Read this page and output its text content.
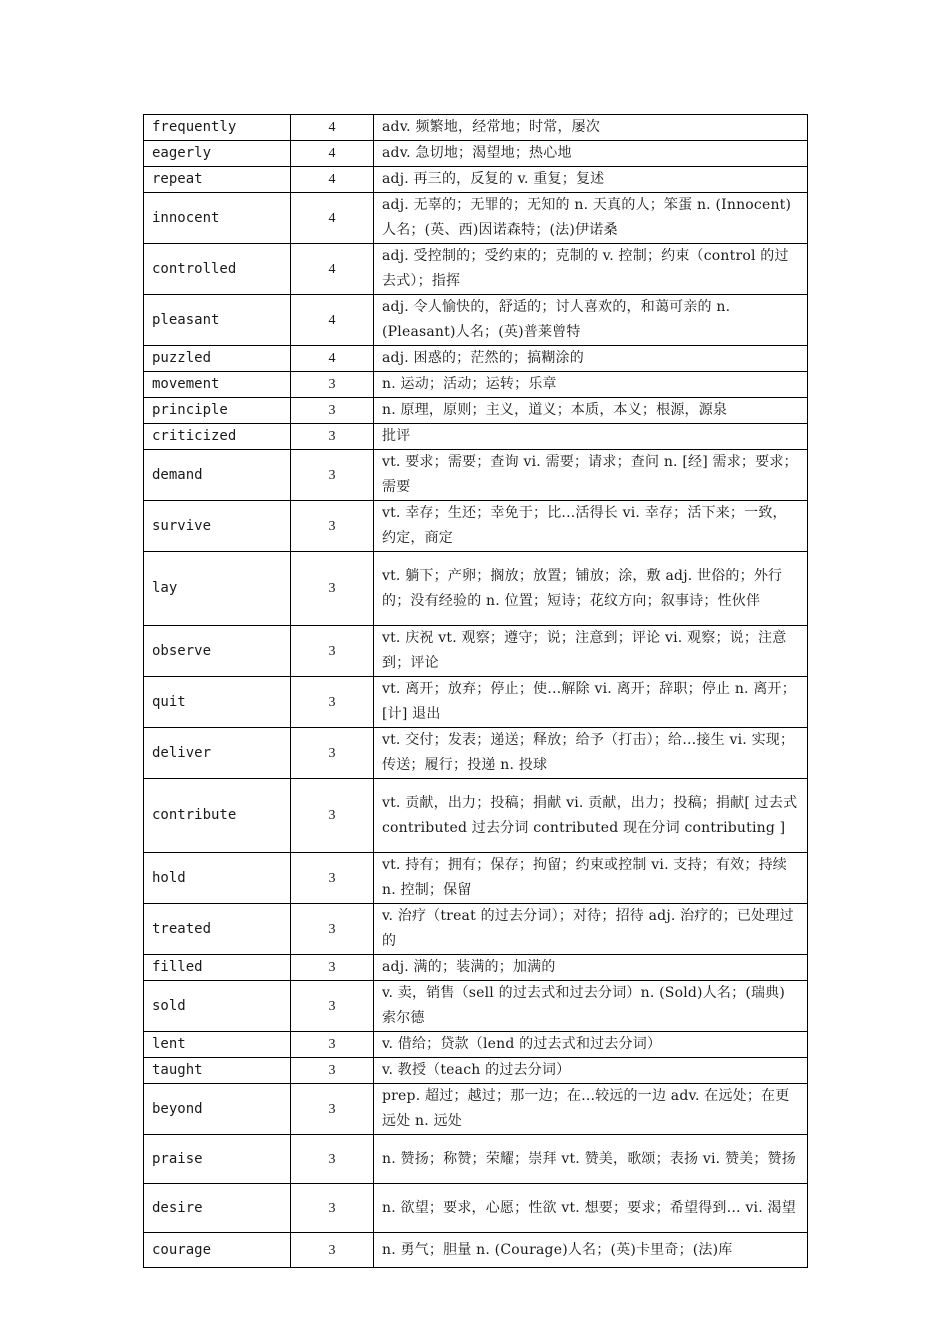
frequently	4	adv. 频繁地，经常地；时常，屡次
eagerly	4	adv. 急切地；渴望地；热心地
repeat	4	adj. 再三的，反复的 v. 重复；复述
innocent	4	adj. 无辜的；无罪的；无知的 n. 天真的人；笨蛋 n. (Innocent)人名；(英、西)因诺森特；(法)伊诺桑
controlled	4	adj. 受控制的；受约束的；克制的 v. 控制；约束（control 的过去式）；指挥
pleasant	4	adj. 令人愉快的，舒适的；讨人喜欢的，和蔼可亲的 n. (Pleasant)人名；(英)普莱曾特
puzzled	4	adj. 困惑的；茫然的；搞糊涂的
movement	3	n. 运动；活动；运转；乐章
principle	3	n. 原理，原则；主义，道义；本质，本义；根源，源泉
criticized	3	批评
demand	3	vt. 要求；需要；查询 vi. 需要；请求；查问 n. [经] 需求；要求；需要
survive	3	vt. 幸存；生还；幸免于；比...活得长 vi. 幸存；活下来；一致，约定，商定
lay	3	vt. 躺下；产卵；搁放；放置；铺放；涂，敷 adj. 世俗的；外行的；没有经验的 n. 位置；短诗；花纹方向；叙事诗；性伙伴
observe	3	vt. 庆祝 vt. 观察；遵守；说；注意到；评论 vi. 观察；说；注意到；评论
quit	3	vt. 离开；放弃；停止；使…解除 vi. 离开；辞职；停止 n. 离开；[计] 退出
deliver	3	vt. 交付；发表；递送；释放；给予（打击）；给…接生 vi. 实现；传送；履行；投递 n. 投球
contribute	3	vt. 贡献，出力；投稿；捐献 vi. 贡献，出力；投稿；捐献[ 过去式 contributed 过去分词 contributed 现在分词 contributing ]
hold	3	vt. 持有；拥有；保存；拘留；约束或控制 vi. 支持；有效；持续 n. 控制；保留
treated	3	v. 治疗（treat 的过去分词）；对待；招待 adj. 治疗的；已处理过的
filled	3	adj. 满的；装满的；加满的
sold	3	v. 卖，销售（sell 的过去式和过去分词）n. (Sold)人名；(瑞典)索尔德
lent	3	v. 借给；贷款（lend 的过去式和过去分词）
taught	3	v. 教授（teach 的过去分词）
beyond	3	prep. 超过；越过；那一边；在...较远的一边 adv. 在远处；在更远处 n. 远处
praise	3	n. 赞扬；称赞；荣耀；崇拜 vt. 赞美，歌颂；表扬 vi. 赞美；赞扬
desire	3	n. 欲望；要求，心愿；性欲 vt. 想要；要求；希望得到… vi. 渴望
courage	3	n. 勇气；胆量 n. (Courage)人名；(英)卡里奇；(法)库
